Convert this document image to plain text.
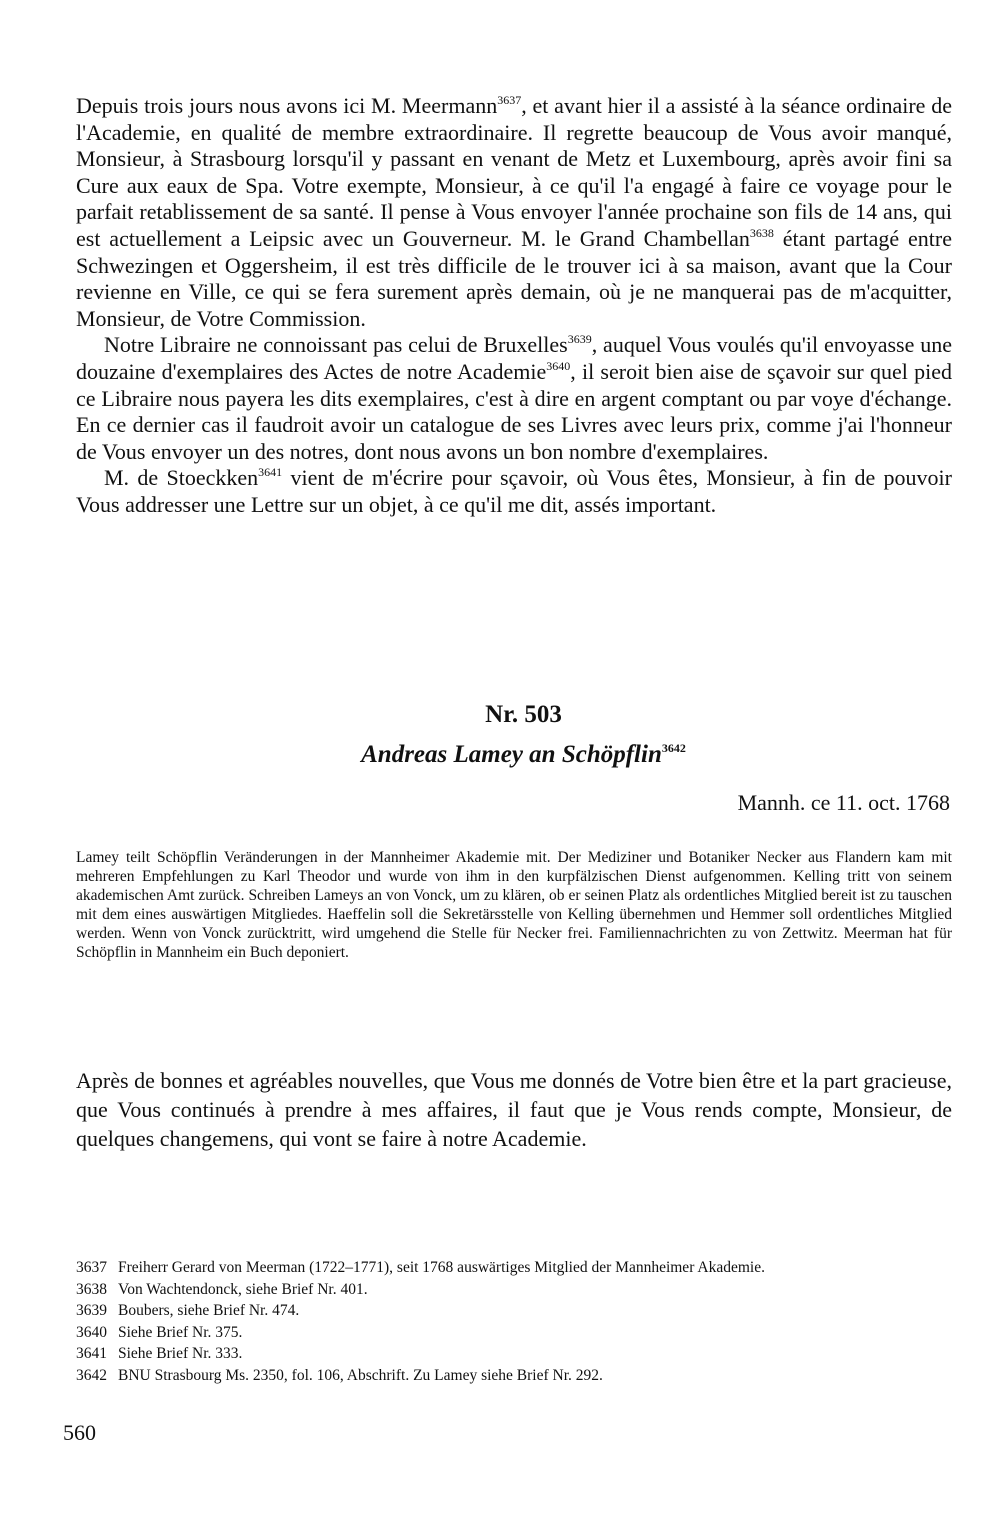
Depuis trois jours nous avons ici M. Meermann$^{3637}$, et avant hier il a assisté à la séance ordinaire de l'Academie, en qualité de membre extraordinaire. Il regrette beaucoup de Vous avoir manqué, Monsieur, à Strasbourg lorsqu'il y passant en venant de Metz et Luxembourg, après avoir fini sa Cure aux eaux de Spa. Votre exempte, Monsieur, à ce qu'il l'a engagé à faire ce voyage pour le parfait retablissement de sa santé. Il pense à Vous envoyer l'année prochaine son fils de 14 ans, qui est actuellement a Leipsic avec un Gouverneur. M. le Grand Chambellan$^{3638}$ étant partagé entre Schwezingen et Oggersheim, il est très difficile de le trouver ici à sa maison, avant que la Cour revienne en Ville, ce qui se fera surement après demain, où je ne manquerai pas de m'acquitter, Monsieur, de Votre Commission.

Notre Libraire ne connoissant pas celui de Bruxelles$^{3639}$, auquel Vous voulés qu'il envoyasse une douzaine d'exemplaires des Actes de notre Academie$^{3640}$, il seroit bien aise de sçavoir sur quel pied ce Libraire nous payera les dits exemplaires, c'est à dire en argent comptant ou par voye d'échange. En ce dernier cas il faudroit avoir un catalogue de ses Livres avec leurs prix, comme j'ai l'honneur de Vous envoyer un des notres, dont nous avons un bon nombre d'exemplaires.

M. de Stoeckken$^{3641}$ vient de m'écrire pour sçavoir, où Vous êtes, Monsieur, à fin de pouvoir Vous addresser une Lettre sur un objet, à ce qu'il me dit, assés important.

Nr. 503
Andreas Lamey an Schöpflin$^{3642}$

Mannh. ce 11. oct. 1768

Lamey teilt Schöpflin Veränderungen in der Mannheimer Akademie mit. Der Mediziner und Botaniker Necker aus Flandern kam mit mehreren Empfehlungen zu Karl Theodor und wurde von ihm in den kurpfälzischen Dienst aufgenommen. Kelling tritt von seinem akademischen Amt zurück. Schreiben Lameys an von Vonck, um zu klären, ob er seinen Platz als ordentliches Mitglied bereit ist zu tauschen mit dem eines auswärtigen Mitgliedes. Haeffelin soll die Sekretärsstelle von Kelling übernehmen und Hemmer soll ordentliches Mitglied werden. Wenn von Vonck zurücktritt, wird umgehend die Stelle für Necker frei. Familiennachrichten zu von Zettwitz. Meerman hat für Schöpflin in Mannheim ein Buch deponiert.

Après de bonnes et agréables nouvelles, que Vous me donnés de Votre bien être et la part gracieuse, que Vous continués à prendre à mes affaires, il faut que je Vous rends compte, Monsieur, de quelques changemens, qui vont se faire à notre Academie.

3637 Freiherr Gerard von Meerman (1722–1771), seit 1768 auswärtiges Mitglied der Mannheimer Akademie.
3638 Von Wachtendonck, siehe Brief Nr. 401.
3639 Boubers, siehe Brief Nr. 474.
3640 Siehe Brief Nr. 375.
3641 Siehe Brief Nr. 333.
3642 BNU Strasbourg Ms. 2350, fol. 106, Abschrift. Zu Lamey siehe Brief Nr. 292.

560
